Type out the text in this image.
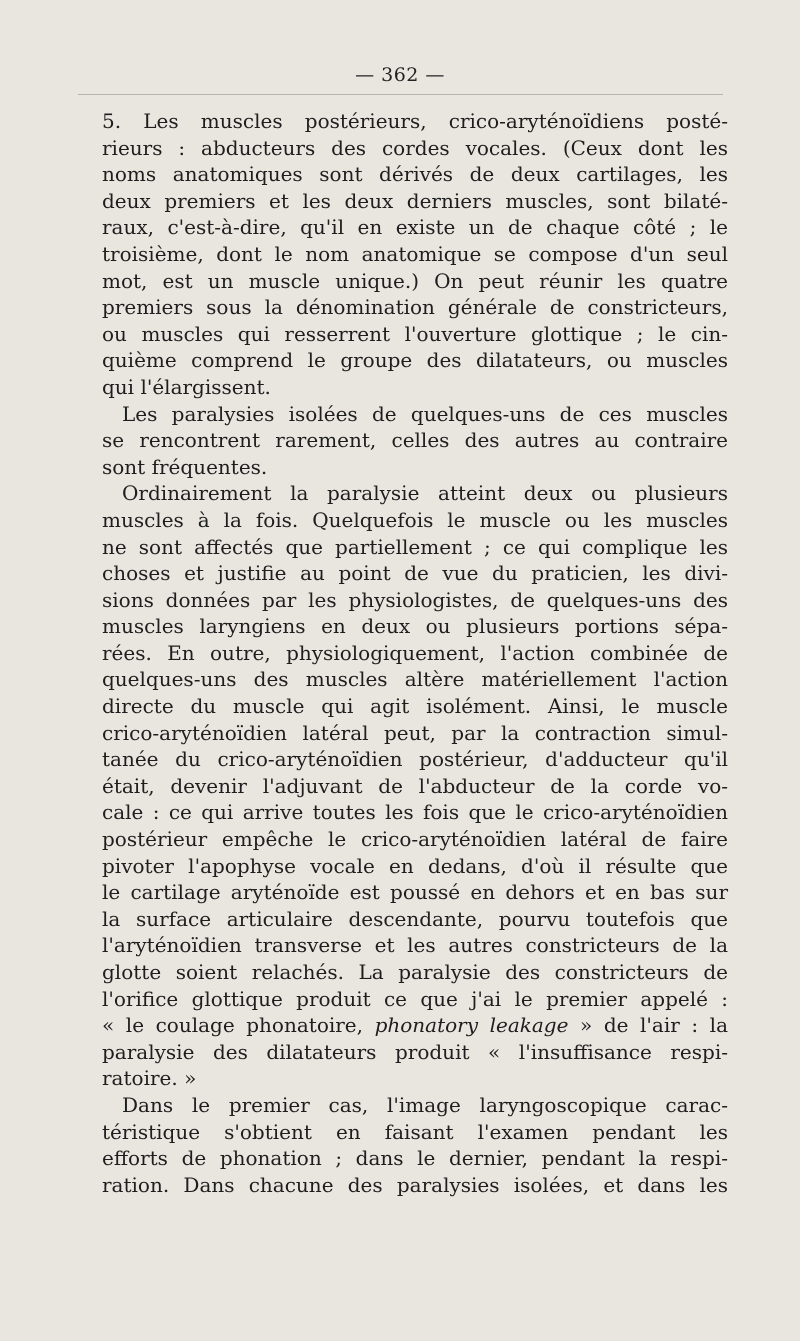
— 362 —
5. Les muscles postérieurs, crico-aryténoïdiens posté-
rieurs : abducteurs des cordes vocales. (Ceux dont les
noms anatomiques sont dérivés de deux cartilages, les
deux premiers et les deux derniers muscles, sont bilaté-
raux, c'est-à-dire, qu'il en existe un de chaque côté ; le
troisième, dont le nom anatomique se compose d'un seul
mot, est un muscle unique.) On peut réunir les quatre
premiers sous la dénomination générale de constricteurs,
ou muscles qui resserrent l'ouverture glottique ; le cin-
quième comprend le groupe des dilatateurs, ou muscles
qui l'élargissent.
Les paralysies isolées de quelques-uns de ces muscles
se rencontrent rarement, celles des autres au contraire
sont fréquentes.
Ordinairement la paralysie atteint deux ou plusieurs
muscles à la fois. Quelquefois le muscle ou les muscles
ne sont affectés que partiellement ; ce qui complique les
choses et justifie au point de vue du praticien, les divi-
sions données par les physiologistes, de quelques-uns des
muscles laryngiens en deux ou plusieurs portions sépa-
rées. En outre, physiologiquement, l'action combinée de
quelques-uns des muscles altère matériellement l'action
directe du muscle qui agit isolément. Ainsi, le muscle
crico-aryténoïdien latéral peut, par la contraction simul-
tanée du crico-aryténoïdien postérieur, d'adducteur qu'il
était, devenir l'adjuvant de l'abducteur de la corde vo-
cale : ce qui arrive toutes les fois que le crico-aryténoïdien
postérieur empêche le crico-aryténoïdien latéral de faire
pivoter l'apophyse vocale en dedans, d'où il résulte que
le cartilage aryténoïde est poussé en dehors et en bas sur
la surface articulaire descendante, pourvu toutefois que
l'aryténoïdien transverse et les autres constricteurs de la
glotte soient relachés. La paralysie des constricteurs de
l'orifice glottique produit ce que j'ai le premier appelé :
« le coulage phonatoire, phonatory leakage » de l'air : la
paralysie des dilatateurs produit « l'insuffisance respi-
ratoire. »
Dans le premier cas, l'image laryngoscopique carac-
téristique s'obtient en faisant l'examen pendant les
efforts de phonation ; dans le dernier, pendant la respi-
ration. Dans chacune des paralysies isolées, et dans les
